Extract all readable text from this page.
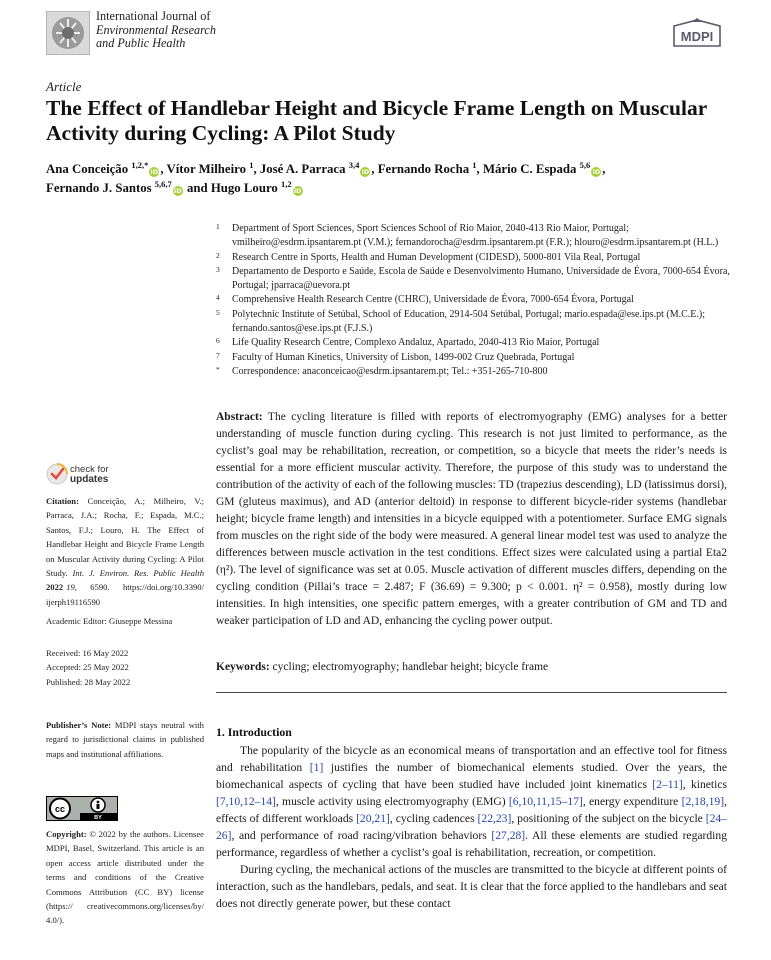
International Journal of
Environmental Research
and Public Health	MDPI
Article
The Effect of Handlebar Height and Bicycle Frame Length on Muscular Activity during Cycling: A Pilot Study
Ana Conceição $^{1,2,*}$iD , Vítor Milheiro $^1$, José A. Parraca $^{3,4}$iD , Fernando Rocha $^1$, Mário C. Espada $^{5,6}$iD ,
Fernando J. Santos $^{5,6,7}$iD and Hugo Louro $^{1,2}$iD
1	Department of Sport Sciences, Sport Sciences School of Rio Maior, 2040-413 Rio Maior, Portugal; vmilheiro@esdrm.ipsantarem.pt (V.M.); fernandorocha@esdrm.ipsantarem.pt (F.R.); hlouro@esdrm.ipsantarem.pt (H.L.)
2	Research Centre in Sports, Health and Human Development (CIDESD), 5000-801 Vila Real, Portugal
3	Departamento de Desporto e Saúde, Escola de Saúde e Desenvolvimento Humano, Universidade de Évora, 7000-654 Évora, Portugal; jparraca@uevora.pt
4	Comprehensive Health Research Centre (CHRC), Universidade de Évora, 7000-654 Évora, Portugal
5	Polytechnic Institute of Setúbal, School of Education, 2914-504 Setúbal, Portugal; mario.espada@ese.ips.pt (M.C.E.); fernando.santos@ese.ips.pt (F.J.S.)
6	Life Quality Research Centre, Complexo Andaluz, Apartado, 2040-413 Rio Maior, Portugal
7	Faculty of Human Kinetics, University of Lisbon, 1499-002 Cruz Quebrada, Portugal
*	Correspondence: anaconceicao@esdrm.ipsantarem.pt; Tel.: +351-265-710-800
Abstract: The cycling literature is filled with reports of electromyography (EMG) analyses for a better understanding of muscle function during cycling. This research is not just limited to performance, as the cyclist’s goal may be rehabilitation, recreation, or competition, so a bicycle that meets the rider’s needs is essential for a more efficient muscular activity. Therefore, the purpose of this study was to understand the contribution of the activity of each of the following muscles: TD (trapezius descending), LD (latissimus dorsi), GM (gluteus maximus), and AD (anterior deltoid) in response to different bicycle-rider systems (handlebar height; bicycle frame length) and intensities in a bicycle equipped with a potentiometer. Surface EMG signals from muscles on the right side of the body were measured. A general linear model test was used to analyze the differences between muscle activation in the test conditions. Effect sizes were calculated using a partial Eta2 (η²). The level of significance was set at 0.05. Muscle activation of different muscles differs, depending on the cycling condition (Pillai’s trace = 2.487; F (36.69) = 9.300; p < 0.001. η² = 0.958), mostly during low intensities. In high intensities, one specific pattern emerges, with a greater contribution of GM and TD and weaker participation of LD and AD, enhancing the cycling power output.
Keywords: cycling; electromyography; handlebar height; bicycle frame
1. Introduction

The popularity of the bicycle as an economical means of transportation and an effective tool for fitness and rehabilitation [1] justifies the number of biomechanical elements studied. Over the years, the biomechanical aspects of cycling that have been studied have included joint kinematics [2–11], kinetics [7,10,12–14], muscle activity using electromyography (EMG) [6,10,11,15–17], energy expenditure [2,18,19], effects of different workloads [20,21], cycling cadences [22,23], positioning of the subject on the bicycle [24–26], and performance of road racing/vibration behaviors [27,28]. All these elements are studied regarding performance, regardless of whether a cyclist’s goal is rehabilitation, recreation, or competition.

During cycling, the mechanical actions of the muscles are transmitted to the bicycle at different points of interaction, such as the handlebars, pedals, and seat. It is clear that the force applied to the handlebars and seat does not directly generate power, but these contact

check for
updates
Citation: Conceição, A.; Milheiro, V.; Parraca, J.A.; Rocha, F.; Espada, M.C.; Santos, F.J.; Louro, H. The Effect of Handlebar Height and Bicycle Frame Length on Muscular Activity during Cycling: A Pilot Study. Int. J. Environ. Res. Public Health 2022 19, 6590. https://doi.org/10.3390/ ijerph19116590
Academic Editor: Giuseppe Messina
Received: 16 May 2022
Accepted: 25 May 2022
Published: 28 May 2022
Publisher’s Note: MDPI stays neutral with regard to jurisdictional claims in published maps and institutional affiliations.
cc
BY
Copyright: © 2022 by the authors. Licensee MDPI, Basel, Switzerland. This article is an open access article distributed under the terms and conditions of the Creative Commons Attribution (CC BY) license (https:// creativecommons.org/licenses/by/ 4.0/).
